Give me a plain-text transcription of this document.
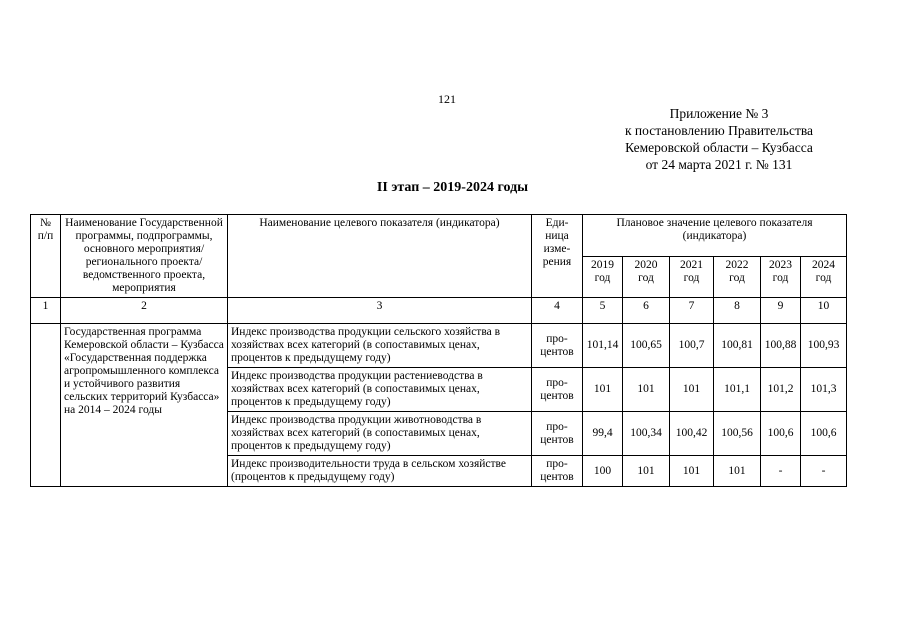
121
Приложение № 3
к постановлению Правительства
Кемеровской области – Кузбасса
от 24 марта 2021 г. № 131
II этап – 2019-2024 годы
№ п/п	Наименование Государственной программы, подпрограммы, основного мероприятия/регионального проекта/ведомственного проекта, мероприятия	Наименование целевого показателя (индикатора)	Еди-ница изме-рения	Плановое значение целевого показателя (индикатора)					
				2019 год	2020 год	2021 год	2022 год	2023 год	2024 год
1	2	3	4	5	6	7	8	9	10
	Государственная программа Кемеровской области – Кузбасса «Государственная поддержка агропромышленного комплекса и устойчивого развития сельских территорий Кузбасса» на 2014 – 2024 годы	Индекс производства продукции сельского хозяйства в хозяйствах всех категорий (в сопоставимых ценах, процентов к предыдущему году)	про-центов	101,14	100,65	100,7	100,81	100,88	100,93
		Индекс производства продукции растениеводства в хозяйствах всех категорий (в сопоставимых ценах, процентов к предыдущему году)	про-центов	101	101	101	101,1	101,2	101,3
		Индекс производства продукции животноводства в хозяйствах всех категорий (в сопоставимых ценах, процентов к предыдущему году)	про-центов	99,4	100,34	100,42	100,56	100,6	100,6
		Индекс производительности труда в сельском хозяйстве (процентов к предыдущему году)	про-центов	100	101	101	101	-	-
